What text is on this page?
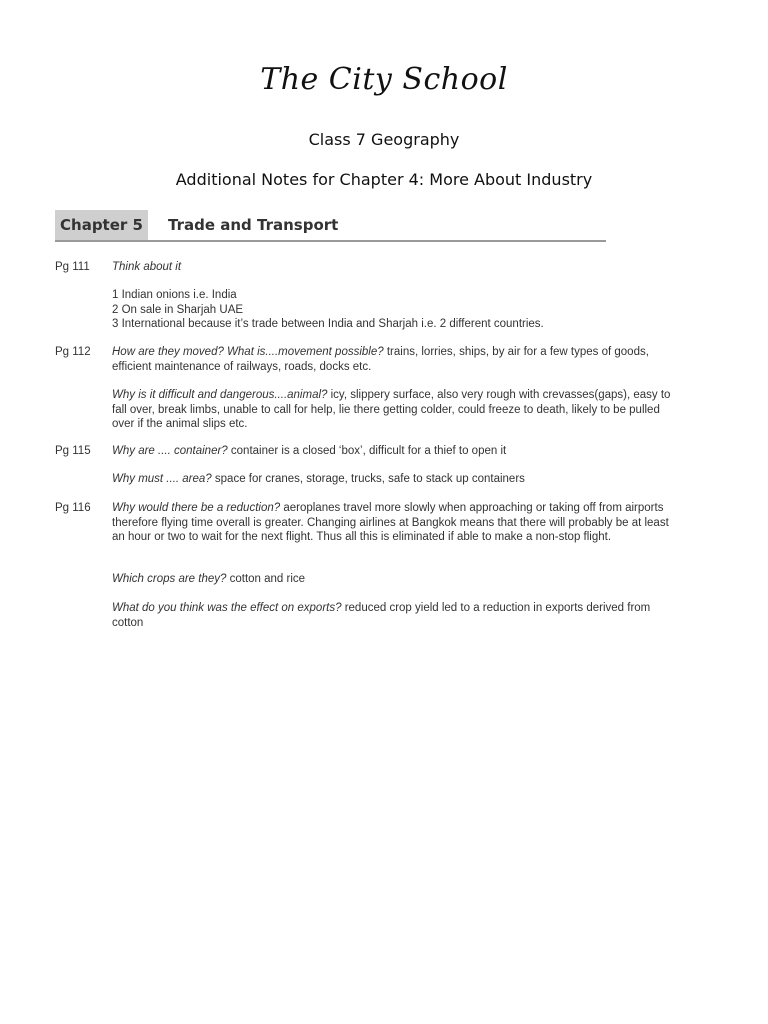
The City School
Class 7 Geography
Additional Notes for Chapter 4: More About Industry
Chapter 5	Trade and Transport
Pg 111 Think about it

1 Indian onions i.e. India

2 On sale in Sharjah UAE

3 International because it’s trade between India and Sharjah i.e. 2 different countries.

Pg 112 How are they moved? What is....movement possible? trains, lorries, ships, by air for a few types of goods, efficient maintenance of railways, roads, docks etc.

Why is it difficult and dangerous....animal? icy, slippery surface, also very rough with crevasses(gaps), easy to fall over, break limbs, unable to call for help, lie there getting colder, could freeze to death, likely to be pulled over if the animal slips etc.

Pg 115 Why are .... container? container is a closed ‘box’, difficult for a thief to open it

Why must .... area? space for cranes, storage, trucks, safe to stack up containers

Pg 116 Why would there be a reduction? aeroplanes travel more slowly when approaching or taking off from airports therefore flying time overall is greater. Changing airlines at Bangkok means that there will probably be at least an hour or two to wait for the next flight. Thus all this is eliminated if able to make a non-stop flight.

Which crops are they? cotton and rice

What do you think was the effect on exports? reduced crop yield led to a reduction in exports derived from cotton
